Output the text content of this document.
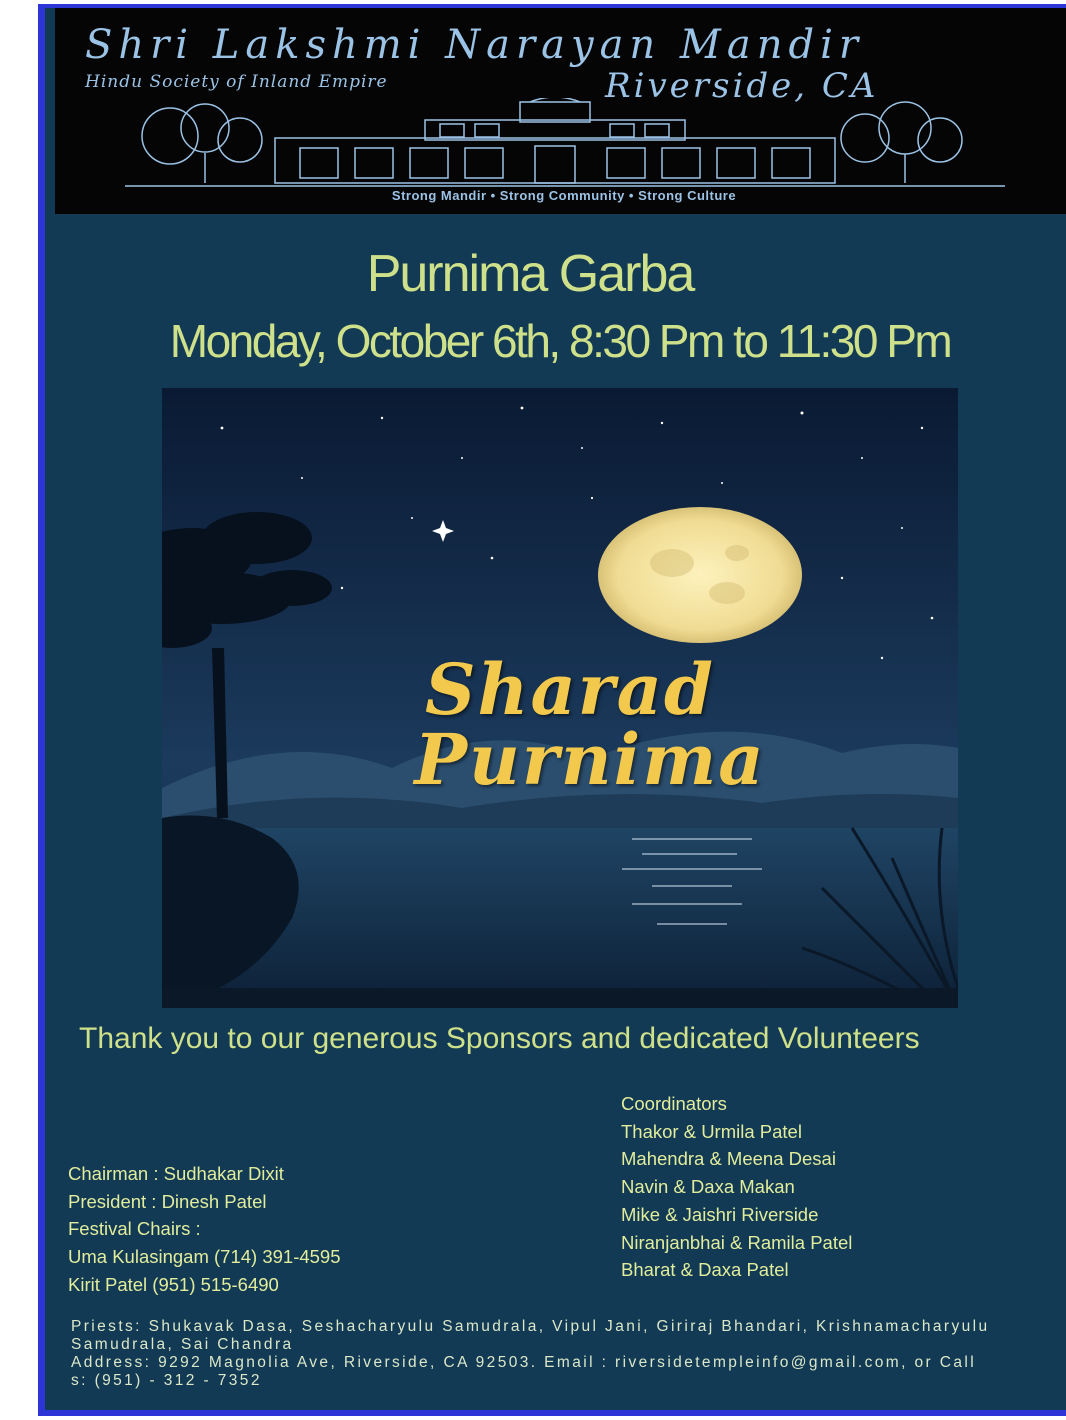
Shri Lakshmi Narayan Mandir
Hindu Society of Inland Empire	Riverside, CA
Strong Mandir • Strong Community • Strong Culture
Purnima Garba
Monday, October 6th, 8:30 Pm to 11:30 Pm
Sharad
Purnima
Thank you to our generous Sponsors and dedicated Volunteers
Coordinators
Thakor & Urmila Patel
Mahendra & Meena Desai
Navin & Daxa Makan
Mike & Jaishri Riverside
Niranjanbhai & Ramila Patel
Bharat & Daxa Patel
Chairman : Sudhakar Dixit
President : Dinesh Patel
Festival Chairs :
Uma Kulasingam (714) 391-4595
Kirit Patel (951) 515-6490
Priests: Shukavak Dasa, Seshacharyulu Samudrala, Vipul Jani, Giriraj Bhandari, Krishnamacharyulu
Samudrala, Sai Chandra
Address: 9292 Magnolia Ave, Riverside, CA 92503. Email : riversidetempleinfo@gmail.com, or Call
s: (951) - 312 - 7352
